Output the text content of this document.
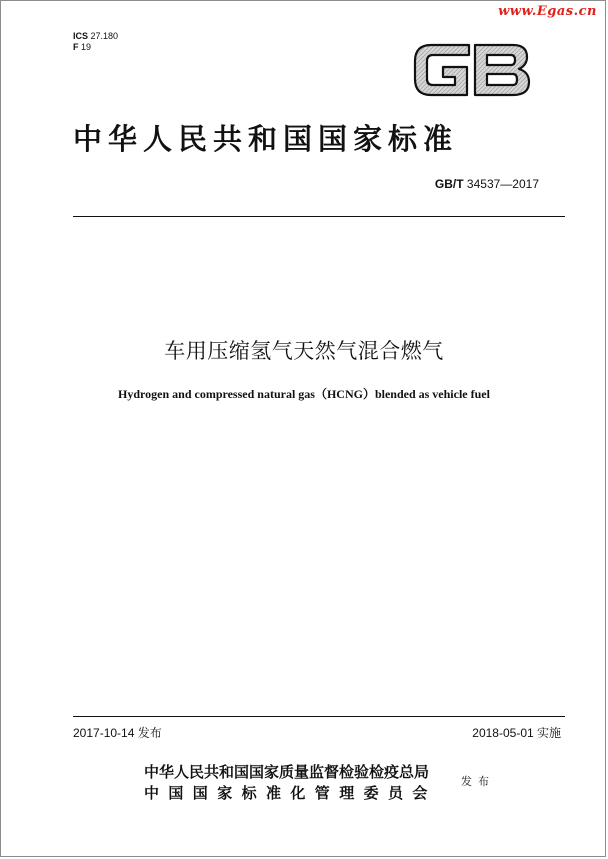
www.Egas.cn
ICS 27.180
F 19
中华人民共和国国家标准
GB/T 34537—2017
车用压缩氢气天然气混合燃气
Hydrogen and compressed natural gas（HCNG）blended as vehicle fuel
2017-10-14 发布	2018-05-01 实施
中华人民共和国国家质量监督检验检疫总局
中国国家标准化管理委员会
发布
